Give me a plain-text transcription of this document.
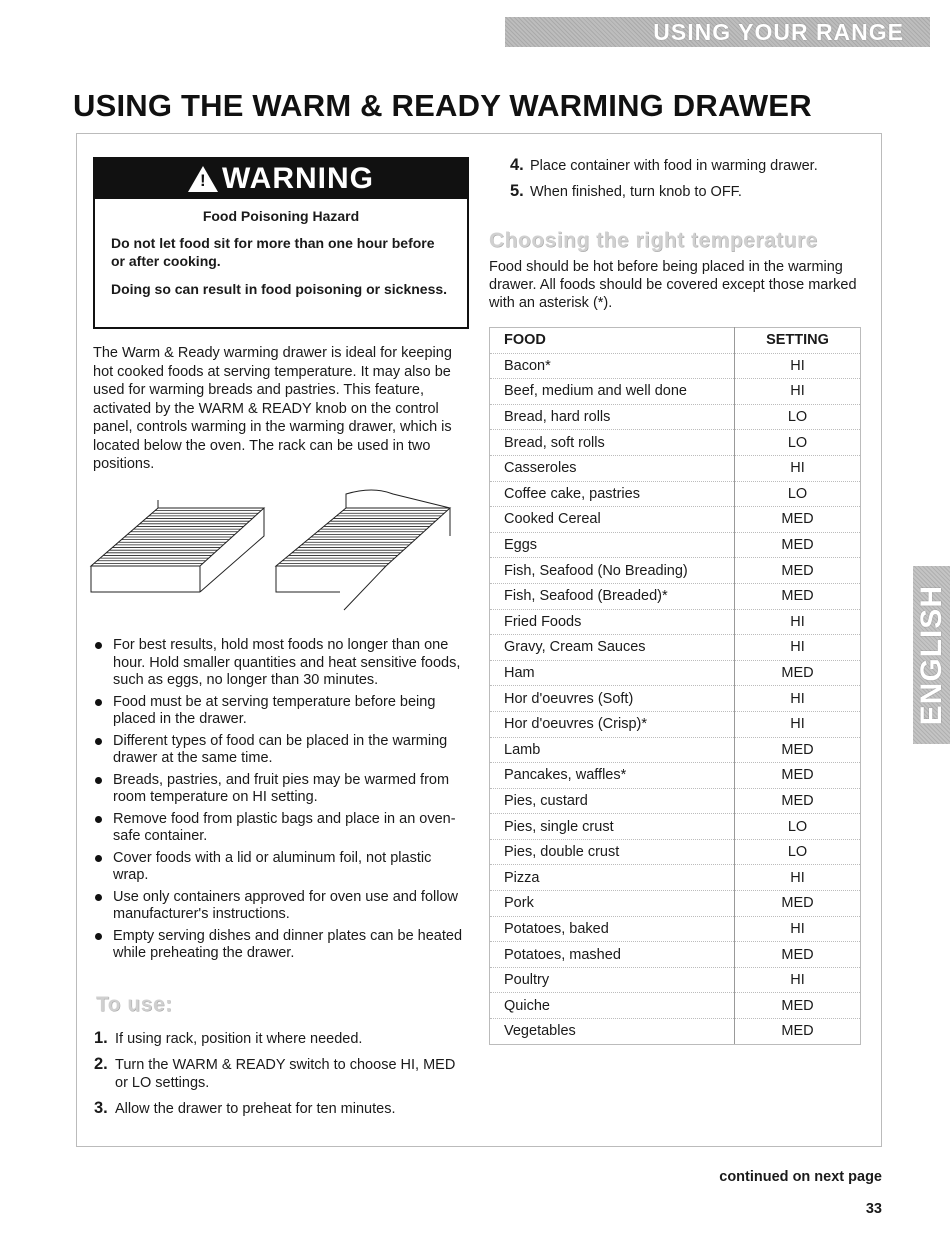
USING YOUR RANGE
USING THE WARM & READY WARMING DRAWER
! WARNING
Food Poisoning Hazard

Do not let food sit for more than one hour before or after cooking.

Doing so can result in food poisoning or sickness.

The Warm & Ready warming drawer is ideal for keeping hot cooked foods at serving temperature. It may also be used for warming breads and pastries. This feature, activated by the WARM & READY knob on the control panel, controls warming in the warming drawer, which is located below the oven. The rack can be used in two positions.

For best results, hold most foods no longer than one hour. Hold smaller quantities and heat sensitive foods, such as eggs, no longer than 30 minutes.
Food must be at serving temperature before being placed in the drawer.
Different types of food can be placed in the warming drawer at the same time.
Breads, pastries, and fruit pies may be warmed from room temperature on HI setting.
Remove food from plastic bags and place in an oven-safe container.
Cover foods with a lid or aluminum foil, not plastic wrap.
Use only containers approved for oven use and follow manufacturer's instructions.
Empty serving dishes and dinner plates can be heated while preheating the drawer.
To use:
1. If using rack, position it where needed.
2. Turn the WARM & READY switch to choose HI, MED or LO settings.
3. Allow the drawer to preheat for ten minutes.
4. Place container with food in warming drawer.
5. When finished, turn knob to OFF.
Choosing the right temperature

Food should be hot before being placed in the warming drawer. All foods should be covered except those marked with an asterisk (*).

FOOD	SETTING
Bacon*	HI
Beef, medium and well done	HI
Bread, hard rolls	LO
Bread, soft rolls	LO
Casseroles	HI
Coffee cake, pastries	LO
Cooked Cereal	MED
Eggs	MED
Fish, Seafood (No Breading)	MED
Fish, Seafood (Breaded)*	MED
Fried Foods	HI
Gravy, Cream Sauces	HI
Ham	MED
Hor d'oeuvres (Soft)	HI
Hor d'oeuvres (Crisp)*	HI
Lamb	MED
Pancakes, waffles*	MED
Pies, custard	MED
Pies, single crust	LO
Pies, double crust	LO
Pizza	HI
Pork	MED
Potatoes, baked	HI
Potatoes, mashed	MED
Poultry	HI
Quiche	MED
Vegetables	MED
ENGLISH
continued on next page
33
